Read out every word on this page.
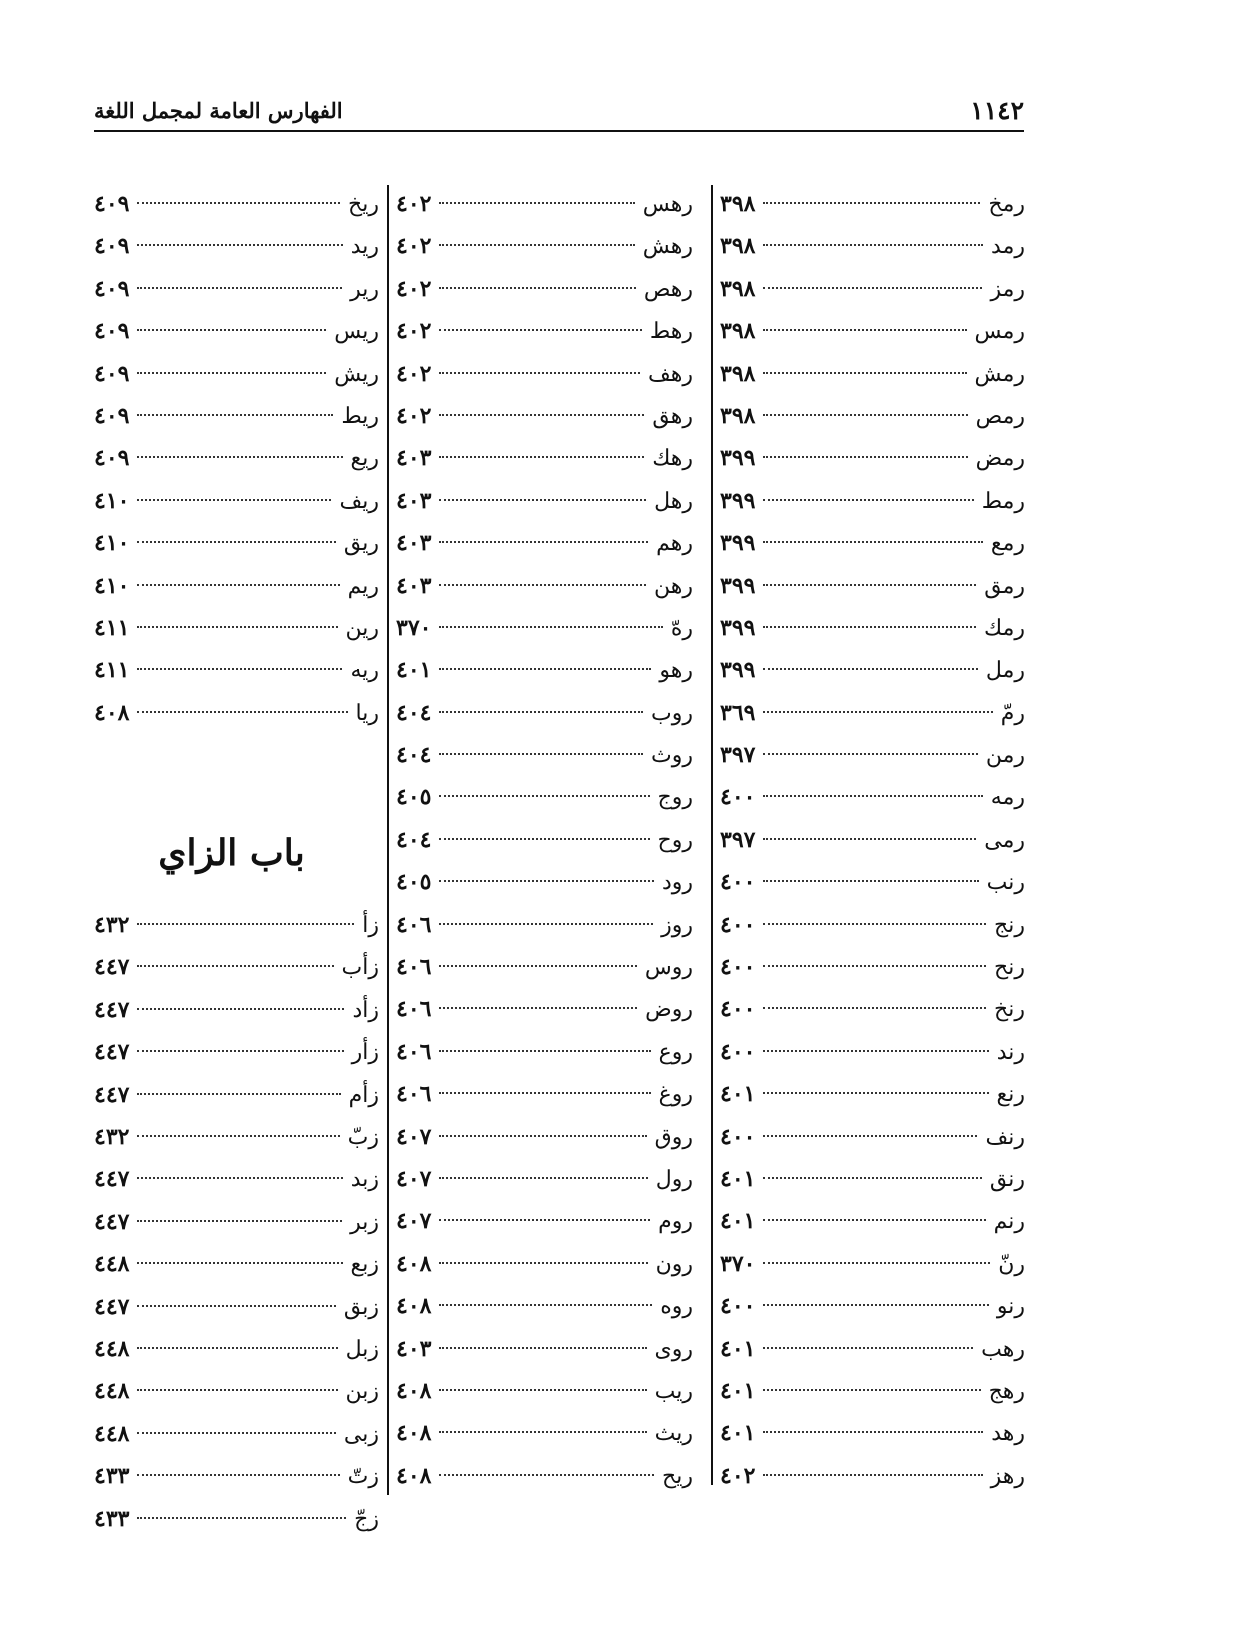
١١٤٢
الفهارس العامة لمجمل اللغة
رمخ
٣٩٨
رمد
٣٩٨
رمز
٣٩٨
رمس
٣٩٨
رمش
٣٩٨
رمص
٣٩٨
رمض
٣٩٩
رمط
٣٩٩
رمع
٣٩٩
رمق
٣٩٩
رمك
٣٩٩
رمل
٣٩٩
رمّ
٣٦٩
رمن
٣٩٧
رمه
٤٠٠
رمى
٣٩٧
رنب
٤٠٠
رنج
٤٠٠
رنح
٤٠٠
رنخ
٤٠٠
رند
٤٠٠
رنع
٤٠١
رنف
٤٠٠
رنق
٤٠١
رنم
٤٠١
رنّ
٣٧٠
رنو
٤٠٠
رهب
٤٠١
رهج
٤٠١
رهد
٤٠١
رهز
٤٠٢
رهس
٤٠٢
رهش
٤٠٢
رهص
٤٠٢
رهط
٤٠٢
رهف
٤٠٢
رهق
٤٠٢
رهك
٤٠٣
رهل
٤٠٣
رهم
٤٠٣
رهن
٤٠٣
رهّ
٣٧٠
رهو
٤٠١
روب
٤٠٤
روث
٤٠٤
روج
٤٠٥
روح
٤٠٤
رود
٤٠٥
روز
٤٠٦
روس
٤٠٦
روض
٤٠٦
روع
٤٠٦
روغ
٤٠٦
روق
٤٠٧
رول
٤٠٧
روم
٤٠٧
رون
٤٠٨
روه
٤٠٨
روى
٤٠٣
ريب
٤٠٨
ريث
٤٠٨
ريح
٤٠٨
ريخ
٤٠٩
ريد
٤٠٩
رير
٤٠٩
ريس
٤٠٩
ريش
٤٠٩
ريط
٤٠٩
ريع
٤٠٩
ريف
٤١٠
ريق
٤١٠
ريم
٤١٠
رين
٤١١
ريه
٤١١
ريا
٤٠٨
باب الزاي
زأ
٤٣٢
زأب
٤٤٧
زأد
٤٤٧
زأر
٤٤٧
زأم
٤٤٧
زبّ
٤٣٢
زبد
٤٤٧
زبر
٤٤٧
زبع
٤٤٨
زبق
٤٤٧
زبل
٤٤٨
زبن
٤٤٨
زبى
٤٤٨
زتّ
٤٣٣
زجّ
٤٣٣
